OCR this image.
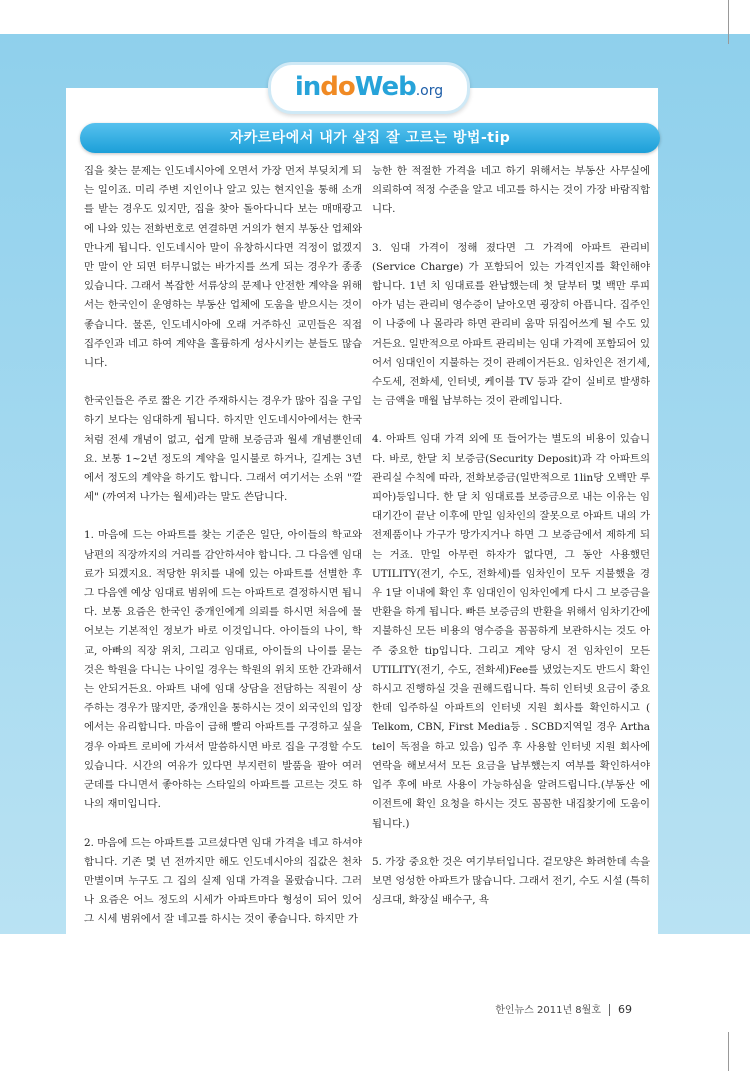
indoWeb.org
자카르타에서 내가 살집 잘 고르는 방법-tip

집을 찾는 문제는 인도네시아에 오면서 가장 먼저 부딪치게 되는 일이죠. 미리 주변 지인이나 알고 있는 현지인을 통해 소개를 받는 경우도 있지만, 집을 찾아 돌아다니다 보는 매매광고에 나와 있는 전화번호로 연결하면 거의가 현지 부동산 업체와 만나게 됩니다. 인도네시아 말이 유창하시다면 걱정이 없겠지만 말이 안 되면 터무니없는 바가지를 쓰게 되는 경우가 종종 있습니다. 그래서 복잡한 서류상의 문제나 안전한 계약을 위해서는 한국인이 운영하는 부동산 업체에 도움을 받으시는 것이 좋습니다. 물론, 인도네시아에 오래 거주하신 교민들은 직접 집주인과 네고 하여 계약을 훌륭하게 성사시키는 분들도 많습니다.

한국인들은 주로 짧은 기간 주재하시는 경우가 많아 집을 구입하기 보다는 임대하게 됩니다. 하지만 인도네시아에서는 한국처럼 전세 개념이 없고, 쉽게 말해 보증금과 월세 개념뿐인데요. 보통 1~2년 정도의 계약을 일시불로 하거나, 길게는 3년에서 정도의 계약을 하기도 합니다. 그래서 여기서는 소위 "깔세" (까여져 나가는 월세)라는 말도 쓴답니다.

1. 마음에 드는 아파트를 찾는 기준은 일단, 아이들의 학교와 남편의 직장까지의 거리를 감안하셔야 합니다. 그 다음엔 임대료가 되겠지요. 적당한 위치를 내에 있는 아파트를 선별한 후 그 다음엔 예상 임대료 범위에 드는 아파트로 결정하시면 됩니다. 보통 요즘은 한국인 중개인에게 의뢰를 하시면 처음에 물어보는 기본적인 정보가 바로 이것입니다. 아이들의 나이, 학교, 아빠의 직장 위치, 그리고 임대료, 아이들의 나이를 묻는 것은 학원을 다니는 나이일 경우는 학원의 위치 또한 간과해서는 안되거든요. 아파트 내에 임대 상담을 전담하는 직원이 상주하는 경우가 많지만, 중개인을 통하시는 것이 외국인의 입장에서는 유리합니다. 마음이 급해 빨리 아파트를 구경하고 싶을 경우 아파트 로비에 가셔서 말씀하시면 바로 집을 구경할 수도 있습니다. 시간의 여유가 있다면 부지런히 발품을 팔아 여러 군데를 다니면서 좋아하는 스타일의 아파트를 고르는 것도 하나의 재미입니다.

2. 마음에 드는 아파트를 고르셨다면 임대 가격을 네고 하셔야 합니다. 기존 몇 년 전까지만 해도 인도네시아의 집값은 천차만별이며 누구도 그 집의 실제 임대 가격을 몰랐습니다. 그러나 요즘은 어느 정도의 시세가 아파트마다 형성이 되어 있어 그 시세 범위에서 잘 네고를 하시는 것이 좋습니다. 하지만 가

능한 한 적절한 가격을 네고 하기 위해서는 부동산 사무실에 의뢰하여 적정 수준을 알고 네고를 하시는 것이 가장 바람직합니다.

3. 임대 가격이 정해 졌다면 그 가격에 아파트 관리비(Service Charge) 가 포함되어 있는 가격인지를 확인해야 합니다. 1년 치 임대료를 완납했는데 첫 달부터 몇 백만 루피아가 넘는 관리비 영수증이 날아오면 굉장히 아픕니다. 집주인이 나중에 나 몰라라 하면 관리비 움막 뒤집어쓰게 될 수도 있거든요. 일반적으로 아파트 관리비는 임대 가격에 포함되어 있어서 임대인이 지불하는 것이 관례이거든요. 임차인은 전기세, 수도세, 전화세, 인터넷, 케이블 TV 등과 같이 실비로 발생하는 금액을 매월 납부하는 것이 관례입니다.

4. 아파트 임대 가격 외에 또 들어가는 별도의 비용이 있습니다. 바로, 한달 치 보증금(Security Deposit)과 각 아파트의 관리실 수칙에 따라, 전화보증금(일반적으로 1lin당 오백만 루피아)등입니다. 한 달 치 임대료를 보증금으로 내는 이유는 임대기간이 끝난 이후에 만일 임차인의 잘못으로 아파트 내의 가전제품이나 가구가 망가지거나 하면 그 보증금에서 제하게 되는 거죠. 만일 아무런 하자가 없다면, 그 동안 사용했던 UTILITY(전기, 수도, 전화세)를 임차인이 모두 지불했을 경우 1달 이내에 확인 후 임대인이 임차인에게 다시 그 보증금을 반환을 하게 됩니다. 빠른 보증금의 반환을 위해서 임차기간에 지불하신 모든 비용의 영수증을 꼼꼼하게 보관하시는 것도 아주 중요한 tip입니다. 그리고 계약 당시 전 임차인이 모든 UTILITY(전기, 수도, 전화세)Fee를 냈었는지도 반드시 확인하시고 진행하실 것을 권해드립니다. 특히 인터넷 요금이 중요한데 입주하실 아파트의 인터넷 지원 회사를 확인하시고 ( Telkom, CBN, First Media등 . SCBD지역일 경우 Artha tel이 독점을 하고 있음) 입주 후 사용할 인터넷 지원 회사에 연락을 해보셔서 모든 요금을 납부했는지 여부를 확인하셔야 입주 후에 바로 사용이 가능하심을 알려드립니다.(부동산 에이전트에 확인 요청을 하시는 것도 꼼꼼한 내집찾기에 도움이 됩니다.)

5. 가장 중요한 것은 여기부터입니다. 겉모양은 화려한데 속을 보면 엉성한 아파트가 많습니다. 그래서 전기, 수도 시설 (특히 싱크대, 화장실 배수구, 욕

한인뉴스 2011년 8월호 69
